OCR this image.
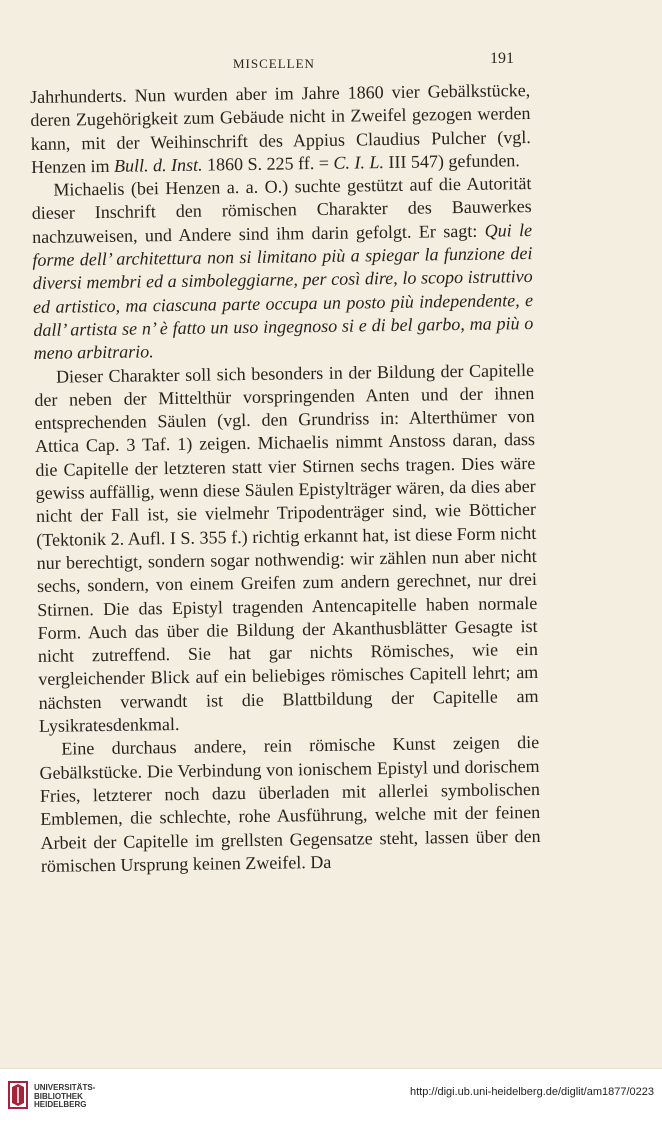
MISCELLEN	191

Jahrhunderts. Nun wurden aber im Jahre 1860 vier Gebälkstücke, deren Zugehörigkeit zum Gebäude nicht in Zweifel gezogen werden kann, mit der Weihinschrift des Appius Claudius Pulcher (vgl. Henzen im Bull. d. Inst. 1860 S. 225 ff. = C. I. L. III 547) gefunden.

Michaelis (bei Henzen a. a. O.) suchte gestützt auf die Autorität dieser Inschrift den römischen Charakter des Bauwerkes nachzuweisen, und Andere sind ihm darin gefolgt. Er sagt: Qui le forme dell’ architettura non si limitano più a spiegar la funzione dei diversi membri ed a simboleggiarne, per così dire, lo scopo istruttivo ed artistico, ma ciascuna parte occupa un posto più independente, e dall’ artista se n’ è fatto un uso ingegnoso si e di bel garbo, ma più o meno arbitrario.

Dieser Charakter soll sich besonders in der Bildung der Capitelle der neben der Mittelthür vorspringenden Anten und der ihnen entsprechenden Säulen (vgl. den Grundriss in: Alterthümer von Attica Cap. 3 Taf. 1) zeigen. Michaelis nimmt Anstoss daran, dass die Capitelle der letzteren statt vier Stirnen sechs tragen. Dies wäre gewiss auffällig, wenn diese Säulen Epistylträger wären, da dies aber nicht der Fall ist, sie vielmehr Tripodenträger sind, wie Bötticher (Tektonik 2. Aufl. I S. 355 f.) richtig erkannt hat, ist diese Form nicht nur berechtigt, sondern sogar nothwendig: wir zählen nun aber nicht sechs, sondern, von einem Greifen zum andern gerechnet, nur drei Stirnen. Die das Epistyl tragenden Antencapitelle haben normale Form. Auch das über die Bildung der Akanthusblätter Gesagte ist nicht zutreffend. Sie hat gar nichts Römisches, wie ein vergleichender Blick auf ein beliebiges römisches Capitell lehrt; am nächsten verwandt ist die Blattbildung der Capitelle am Lysikratesdenkmal.

Eine durchaus andere, rein römische Kunst zeigen die Gebälkstücke. Die Verbindung von ionischem Epistyl und dorischem Fries, letzterer noch dazu überladen mit allerlei symbolischen Emblemen, die schlechte, rohe Ausführung, welche mit der feinen Arbeit der Capitelle im grellsten Gegensatze steht, lassen über den römischen Ursprung keinen Zweifel. Da

UNIVERSITÄTS-
BIBLIOTHEK
HEIDELBERG
http://digi.ub.uni-heidelberg.de/diglit/am1877/0223
